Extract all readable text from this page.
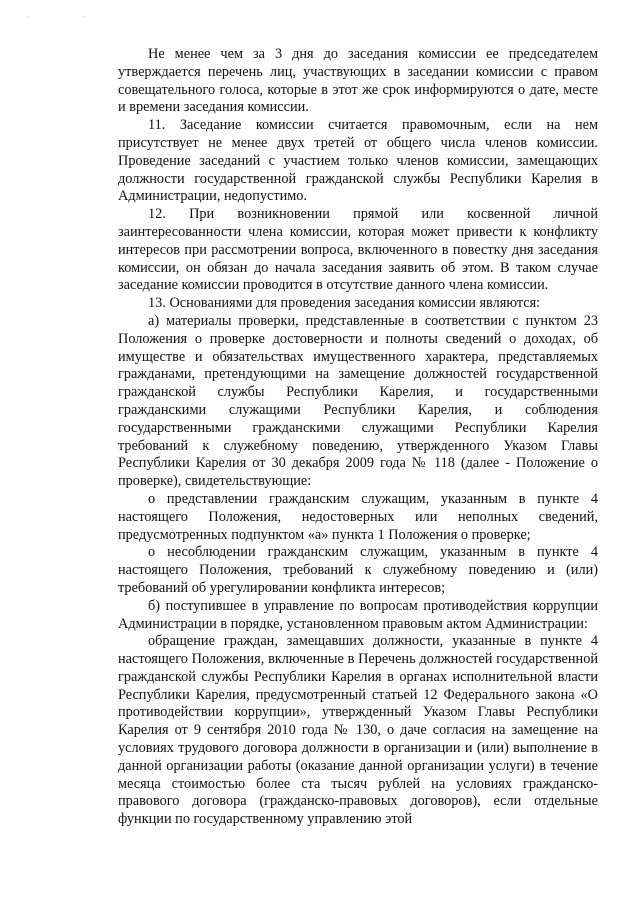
· ·

Не менее чем за 3 дня до заседания комиссии ее председателем утверждается перечень лиц, участвующих в заседании комиссии с правом совещательного голоса, которые в этот же срок информируются о дате, месте и времени заседания комиссии.

11. Заседание комиссии считается правомочным, если на нем присутствует не менее двух третей от общего числа членов комиссии. Проведение заседаний с участием только членов комиссии, замещающих должности государственной гражданской службы Республики Карелия в Администрации, недопустимо.

12. При возникновении прямой или косвенной личной заинтересованности члена комиссии, которая может привести к конфликту интересов при рассмотрении вопроса, включенного в повестку дня заседания комиссии, он обязан до начала заседания заявить об этом. В таком случае заседание комиссии проводится в отсутствие данного члена комиссии.

13. Основаниями для проведения заседания комиссии являются:

а) материалы проверки, представленные в соответствии с пунктом 23 Положения о проверке достоверности и полноты сведений о доходах, об имуществе и обязательствах имущественного характера, представляемых гражданами, претендующими на замещение должностей государственной гражданской службы Республики Карелия, и государственными гражданскими служащими Республики Карелия, и соблюдения государственными гражданскими служащими Республики Карелия требований к служебному поведению, утвержденного Указом Главы Республики Карелия от 30 декабря 2009 года № 118 (далее - Положение о проверке), свидетельствующие:

о представлении гражданским служащим, указанным в пункте 4 настоящего Положения, недостоверных или неполных сведений, предусмотренных подпунктом «а» пункта 1 Положения о проверке;

о несоблюдении гражданским служащим, указанным в пункте 4 настоящего Положения, требований к служебному поведению и (или) требований об урегулировании конфликта интересов;

б) поступившее в управление по вопросам противодействия коррупции Администрации в порядке, установленном правовым актом Администрации:

обращение граждан, замещавших должности, указанные в пункте 4 настоящего Положения, включенные в Перечень должностей государственной гражданской службы Республики Карелия в органах исполнительной власти Республики Карелия, предусмотренный статьей 12 Федерального закона «О противодействии коррупции», утвержденный Указом Главы Республики Карелия от 9 сентября 2010 года № 130, о даче согласия на замещение на условиях трудового договора должности в организации и (или) выполнение в данной организации работы (оказание данной организации услуги) в течение месяца стоимостью более ста тысяч рублей на условиях гражданско-правового договора (гражданско-правовых договоров), если отдельные функции по государственному управлению этой
